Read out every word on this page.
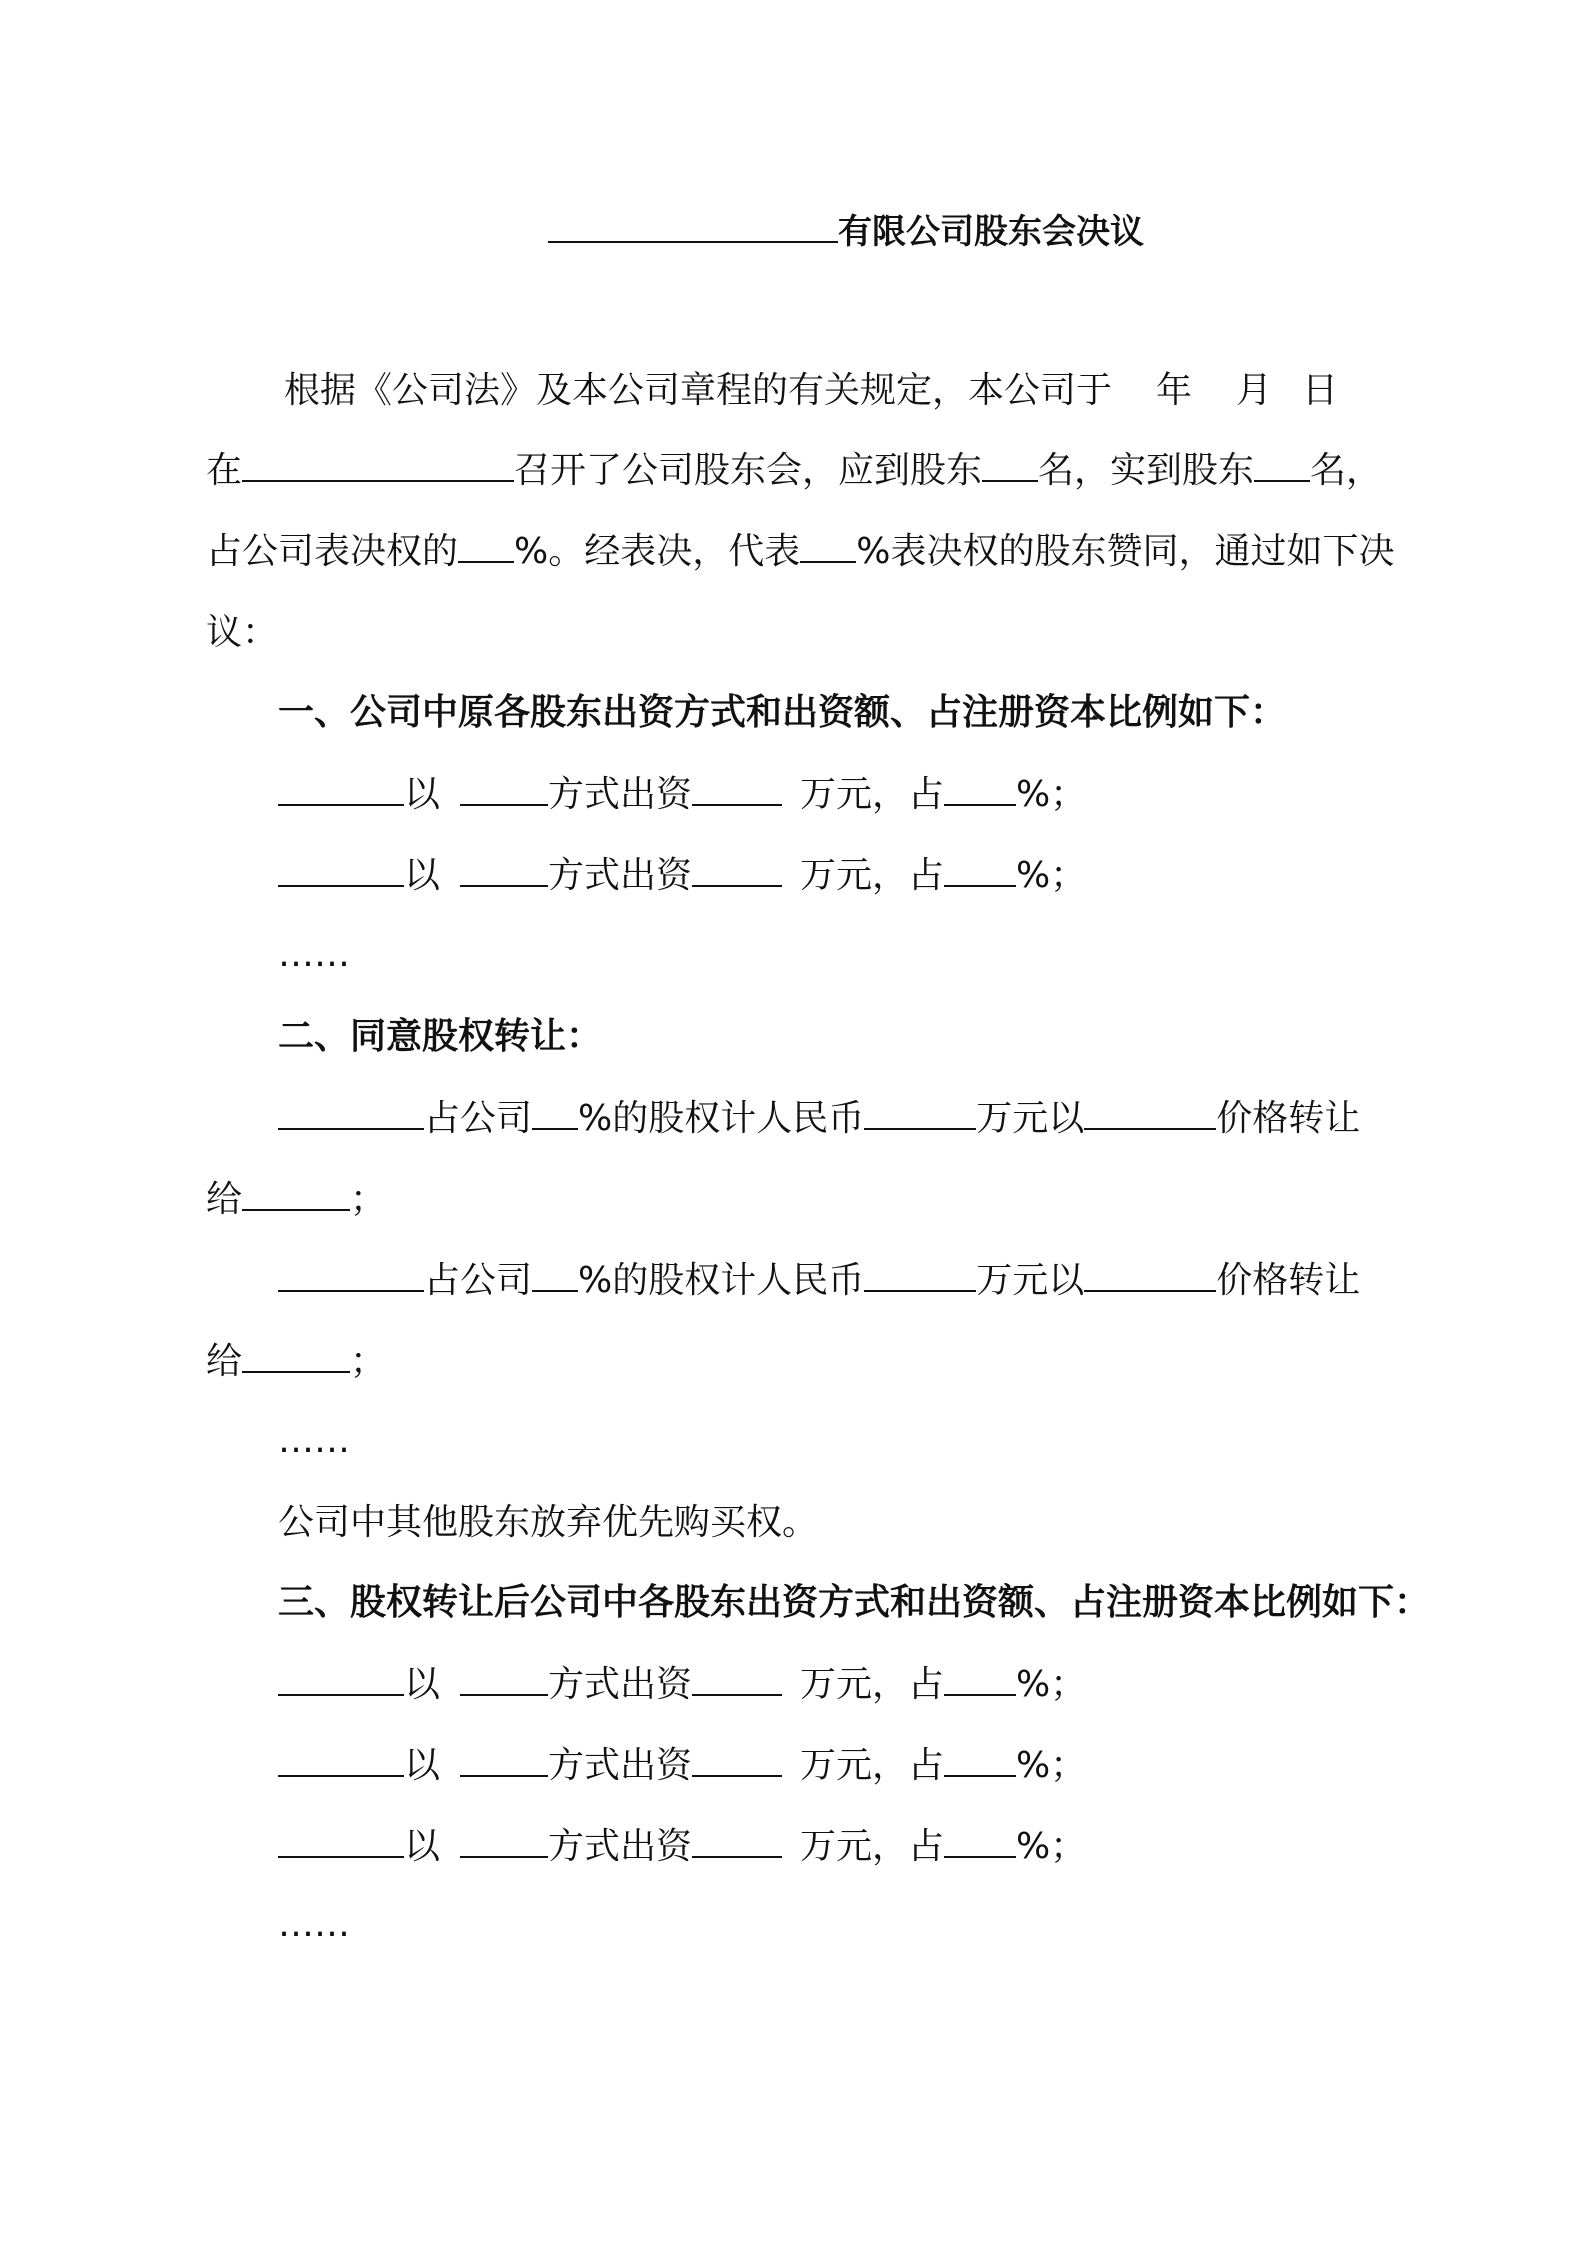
有限公司股东会决议
根据《公司法》及本公司章程的有关规定，本公司于 年 月 日
在	召开了公司股东会，应到股东 名，实到股东 名，
占公司表决权的 %。经表决，代表 %表决权的股东赞同，通过如下决
议：
一、公司中原各股东出资方式和出资额、占注册资本比例如下：
以	方式出资	万元，占 %；
以	方式出资	万元，占 %；
……
二、同意股权转让：
占公司 %的股权计人民币	万元以	价格转让
给	；
占公司 %的股权计人民币	万元以	价格转让
给	；
……
公司中其他股东放弃优先购买权。
三、股权转让后公司中各股东出资方式和出资额、占注册资本比例如下：
以	方式出资	万元，占 %；
以	方式出资	万元，占 %；
以	方式出资	万元，占 %；
……
